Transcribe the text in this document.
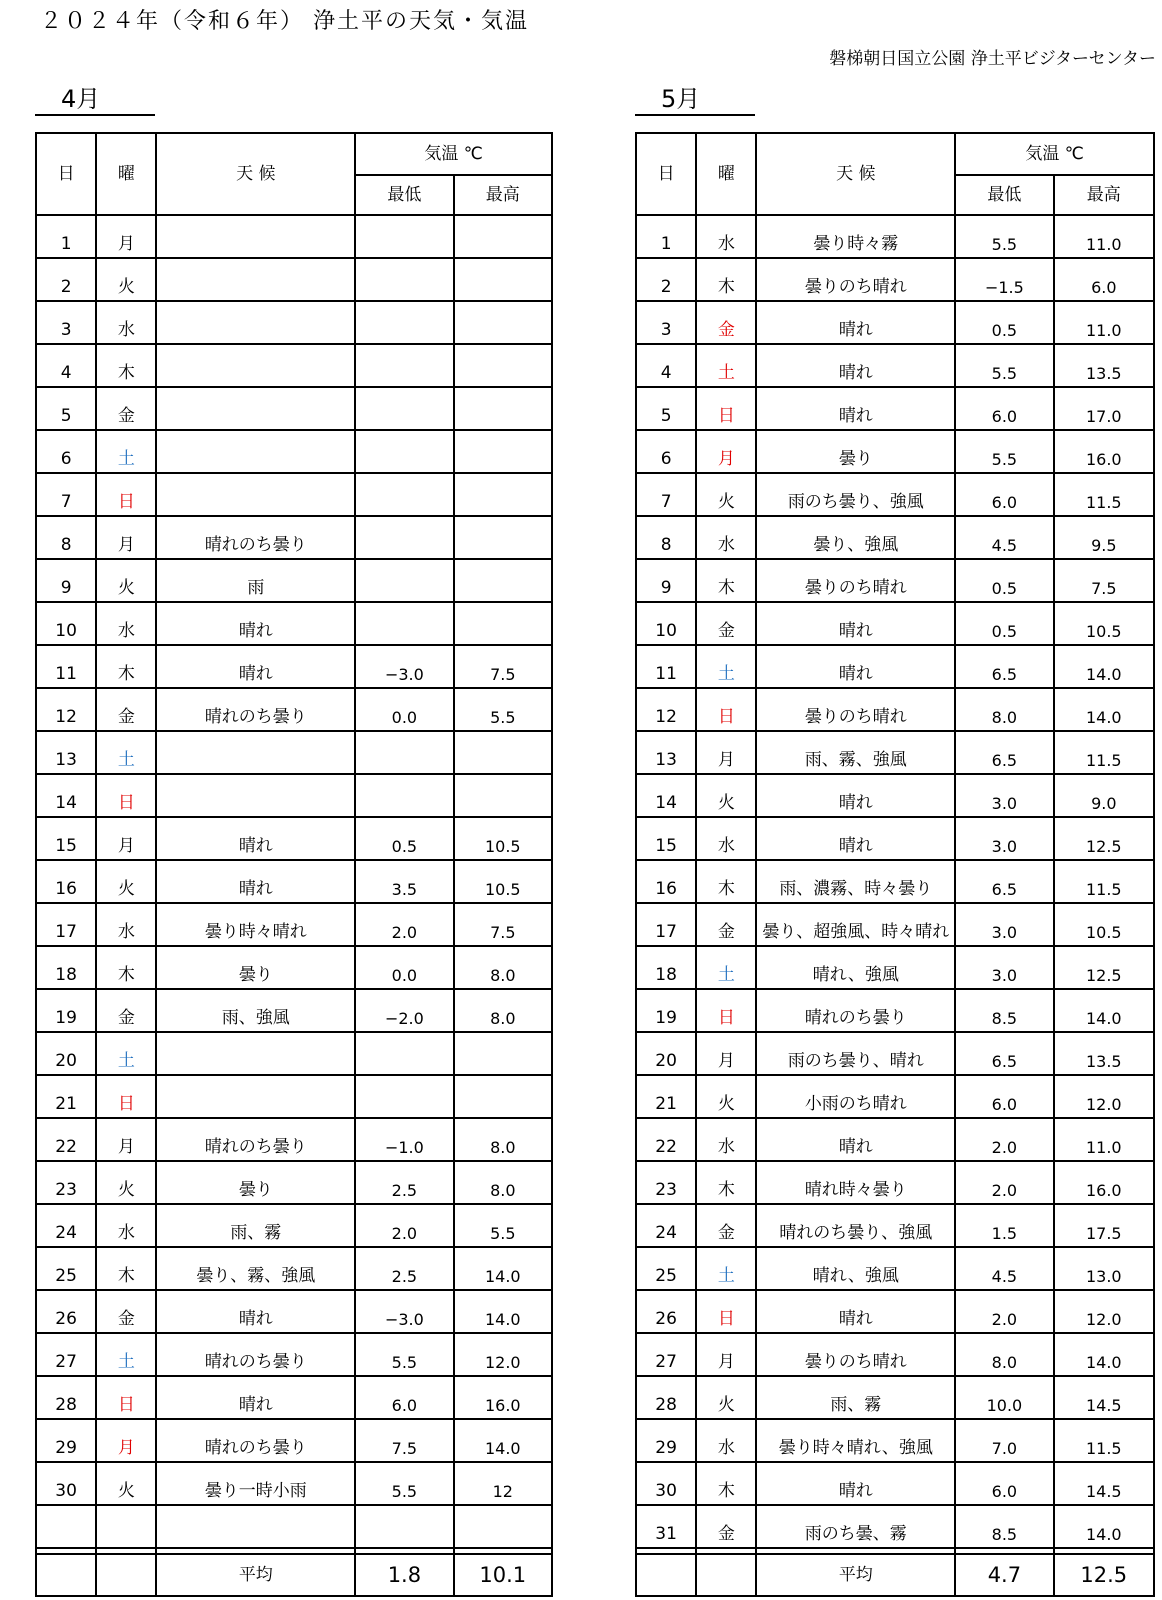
２０２４年（令和６年） 浄土平の天気・気温
磐梯朝日国立公園 浄土平ビジターセンター
4月	5月
日	曜	天 候	気温 ℃	
			最低	最高
1	月			
2	火			
3	水			
4	木			
5	金			
6	土			
7	日			
8	月	晴れのち曇り		
9	火	雨		
10	水	晴れ		
11	木	晴れ	−3.0	7.5
12	金	晴れのち曇り	0.0	5.5
13	土			
14	日			
15	月	晴れ	0.5	10.5
16	火	晴れ	3.5	10.5
17	水	曇り時々晴れ	2.0	7.5
18	木	曇り	0.0	8.0
19	金	雨、強風	−2.0	8.0
20	土			
21	日			
22	月	晴れのち曇り	−1.0	8.0
23	火	曇り	2.5	8.0
24	水	雨、霧	2.0	5.5
25	木	曇り、霧、強風	2.5	14.0
26	金	晴れ	−3.0	14.0
27	土	晴れのち曇り	5.5	12.0
28	日	晴れ	6.0	16.0
29	月	晴れのち曇り	7.5	14.0
30	火	曇り一時小雨	5.5	12

		平均	1.8	10.1
日	曜	天 候	気温 ℃	
			最低	最高
1	水	曇り時々霧	5.5	11.0
2	木	曇りのち晴れ	−1.5	6.0
3	金	晴れ	0.5	11.0
4	土	晴れ	5.5	13.5
5	日	晴れ	6.0	17.0
6	月	曇り	5.5	16.0
7	火	雨のち曇り、強風	6.0	11.5
8	水	曇り、強風	4.5	9.5
9	木	曇りのち晴れ	0.5	7.5
10	金	晴れ	0.5	10.5
11	土	晴れ	6.5	14.0
12	日	曇りのち晴れ	8.0	14.0
13	月	雨、霧、強風	6.5	11.5
14	火	晴れ	3.0	9.0
15	水	晴れ	3.0	12.5
16	木	雨、濃霧、時々曇り	6.5	11.5
17	金	曇り、超強風、時々晴れ	3.0	10.5
18	土	晴れ、強風	3.0	12.5
19	日	晴れのち曇り	8.5	14.0
20	月	雨のち曇り、晴れ	6.5	13.5
21	火	小雨のち晴れ	6.0	12.0
22	水	晴れ	2.0	11.0
23	木	晴れ時々曇り	2.0	16.0
24	金	晴れのち曇り、強風	1.5	17.5
25	土	晴れ、強風	4.5	13.0
26	日	晴れ	2.0	12.0
27	月	曇りのち晴れ	8.0	14.0
28	火	雨、霧	10.0	14.5
29	水	曇り時々晴れ、強風	7.0	11.5
30	木	晴れ	6.0	14.5
31	金	雨のち曇、霧	8.5	14.0

		平均	4.7	12.5
